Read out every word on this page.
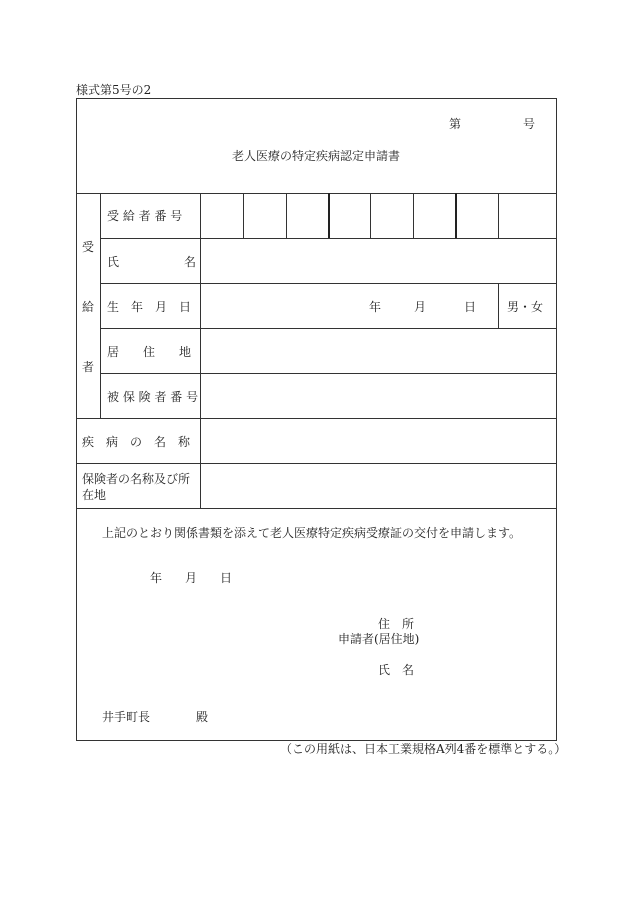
様式第5号の2
第	号
老人医療の特定疾病認定申請書
受
給
者
受 給 者 番 号
氏	名
生　年　月　日	年	月	日	男・女
居　　住　　地
被 保 険 者 番 号
疾　病　の　名　称
保険者の名称及び所
在地
上記のとおり関係書類を添えて老人医療特定疾病受療証の交付を申請します。
年 月 日
住　所
申請者(居住地)
氏　名
井手町長	殿
（この用紙は、日本工業規格A列4番を標準とする。）
